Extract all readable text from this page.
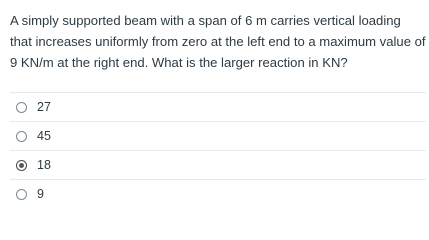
A simply supported beam with a span of 6 m carries vertical loading that increases uniformly from zero at the left end to a maximum value of 9 KN/m at the right end. What is the larger reaction in KN?
27
45
18
9
